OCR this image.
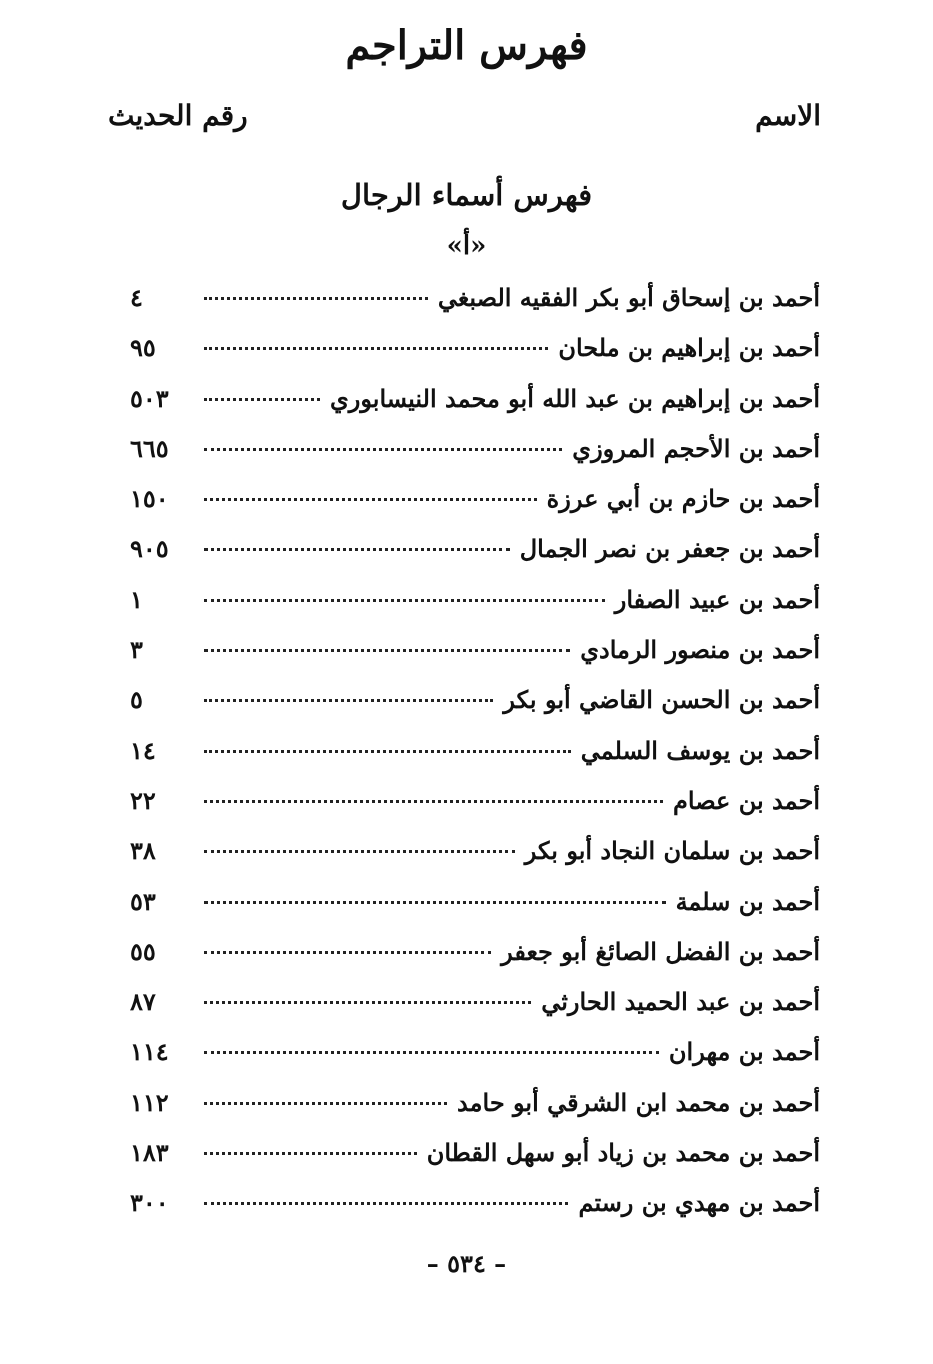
فهرس التراجم
الاسم
رقم الحديث
فهرس أسماء الرجال
«أ»
أحمد بن إسحاق أبو بكر الفقيه الصبغي
٤
أحمد بن إبراهيم بن ملحان
٩٥
أحمد بن إبراهيم بن عبد الله أبو محمد النيسابوري
٥٠٣
أحمد بن الأحجم المروزي
٦٦٥
أحمد بن حازم بن أبي عرزة
١٥٠
أحمد بن جعفر بن نصر الجمال
٩٠٥
أحمد بن عبيد الصفار
١
أحمد بن منصور الرمادي
٣
أحمد بن الحسن القاضي أبو بكر
٥
أحمد بن يوسف السلمي
١٤
أحمد بن عصام
٢٢
أحمد بن سلمان النجاد أبو بكر
٣٨
أحمد بن سلمة
٥٣
أحمد بن الفضل الصائغ أبو جعفر
٥٥
أحمد بن عبد الحميد الحارثي
٨٧
أحمد بن مهران
١١٤
أحمد بن محمد ابن الشرقي أبو حامد
١١٢
أحمد بن محمد بن زياد أبو سهل القطان
١٨٣
أحمد بن مهدي بن رستم
٣٠٠
– ٥٣٤ –
